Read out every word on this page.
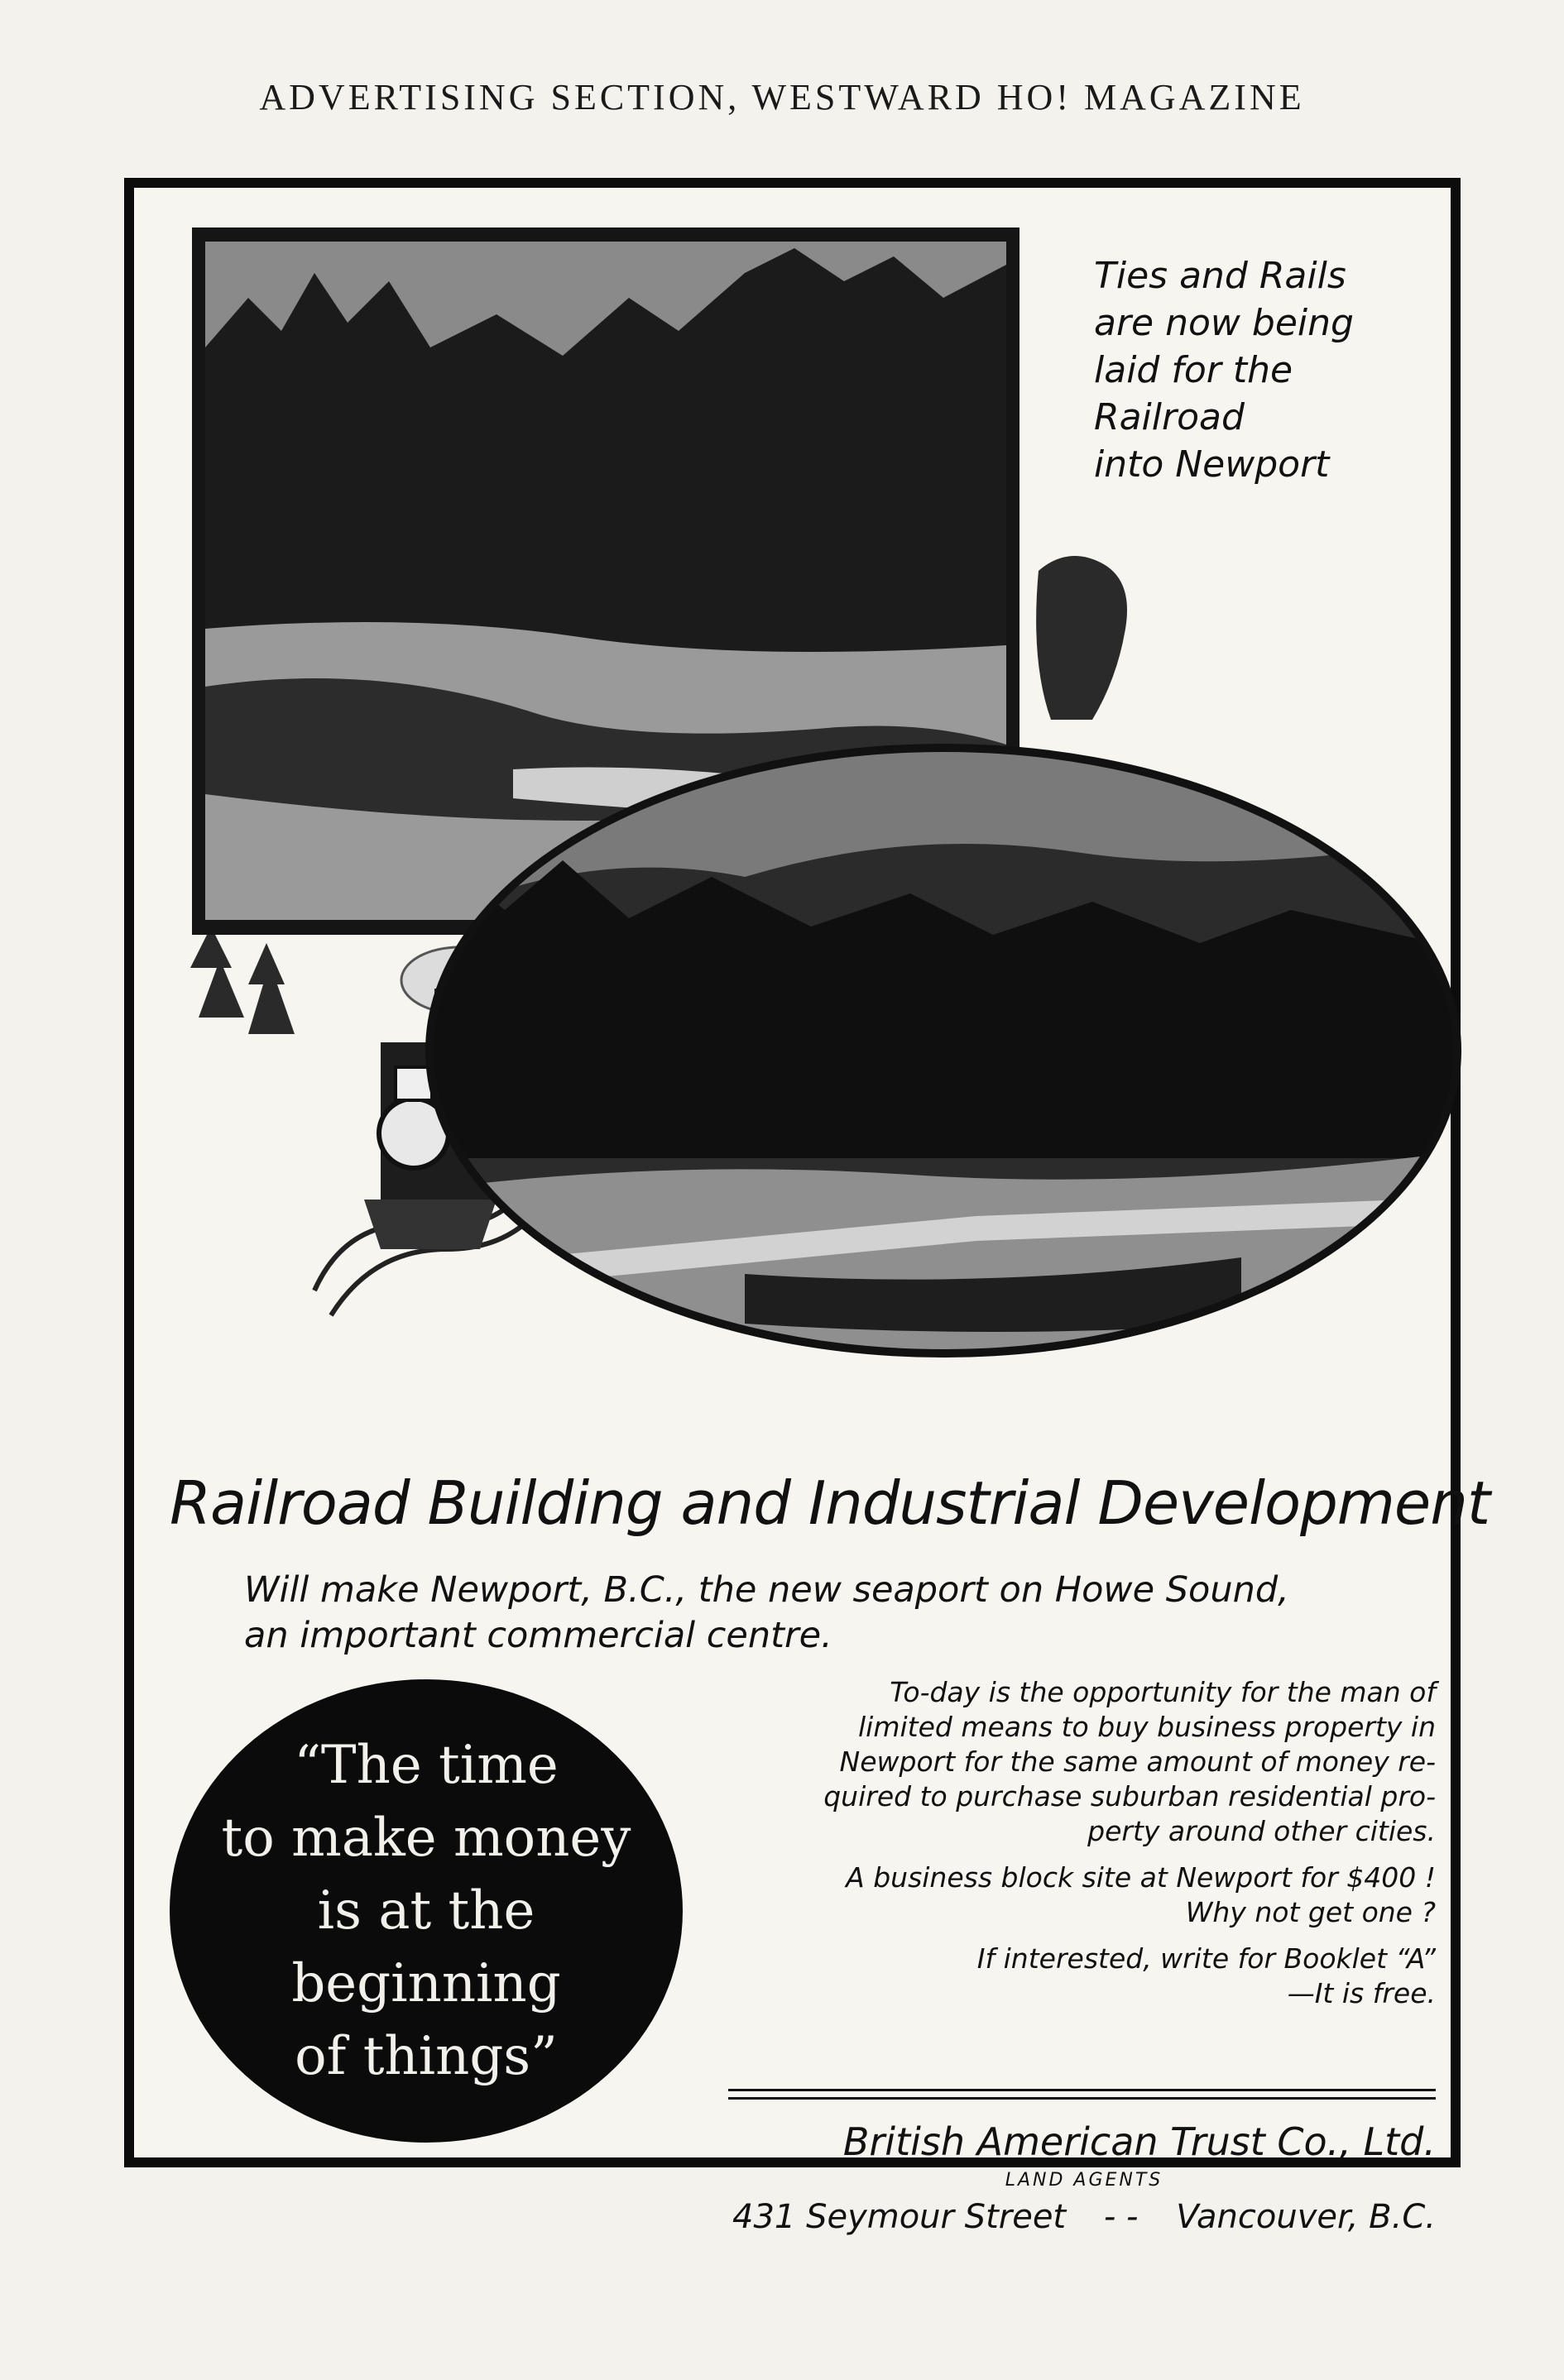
ADVERTISING SECTION, WESTWARD HO! MAGAZINE
Ties and Rails
are now being
laid for the
Railroad
into Newport
Railroad Building and Industrial Development
Will make Newport, B.C., the new seaport on Howe Sound,
an important commercial centre.
“The time
to make money
is at the
beginning
of things”
To-day is the opportunity for the man of
limited means to buy business property in
Newport for the same amount of money re-
quired to purchase suburban residential pro-
perty around other cities.
A business block site at Newport for $400 !
Why not get one ?
If interested, write for Booklet “A”
—It is free.
British American Trust Co., Ltd.
LAND AGENTS
431 Seymour Street - - Vancouver, B.C.
